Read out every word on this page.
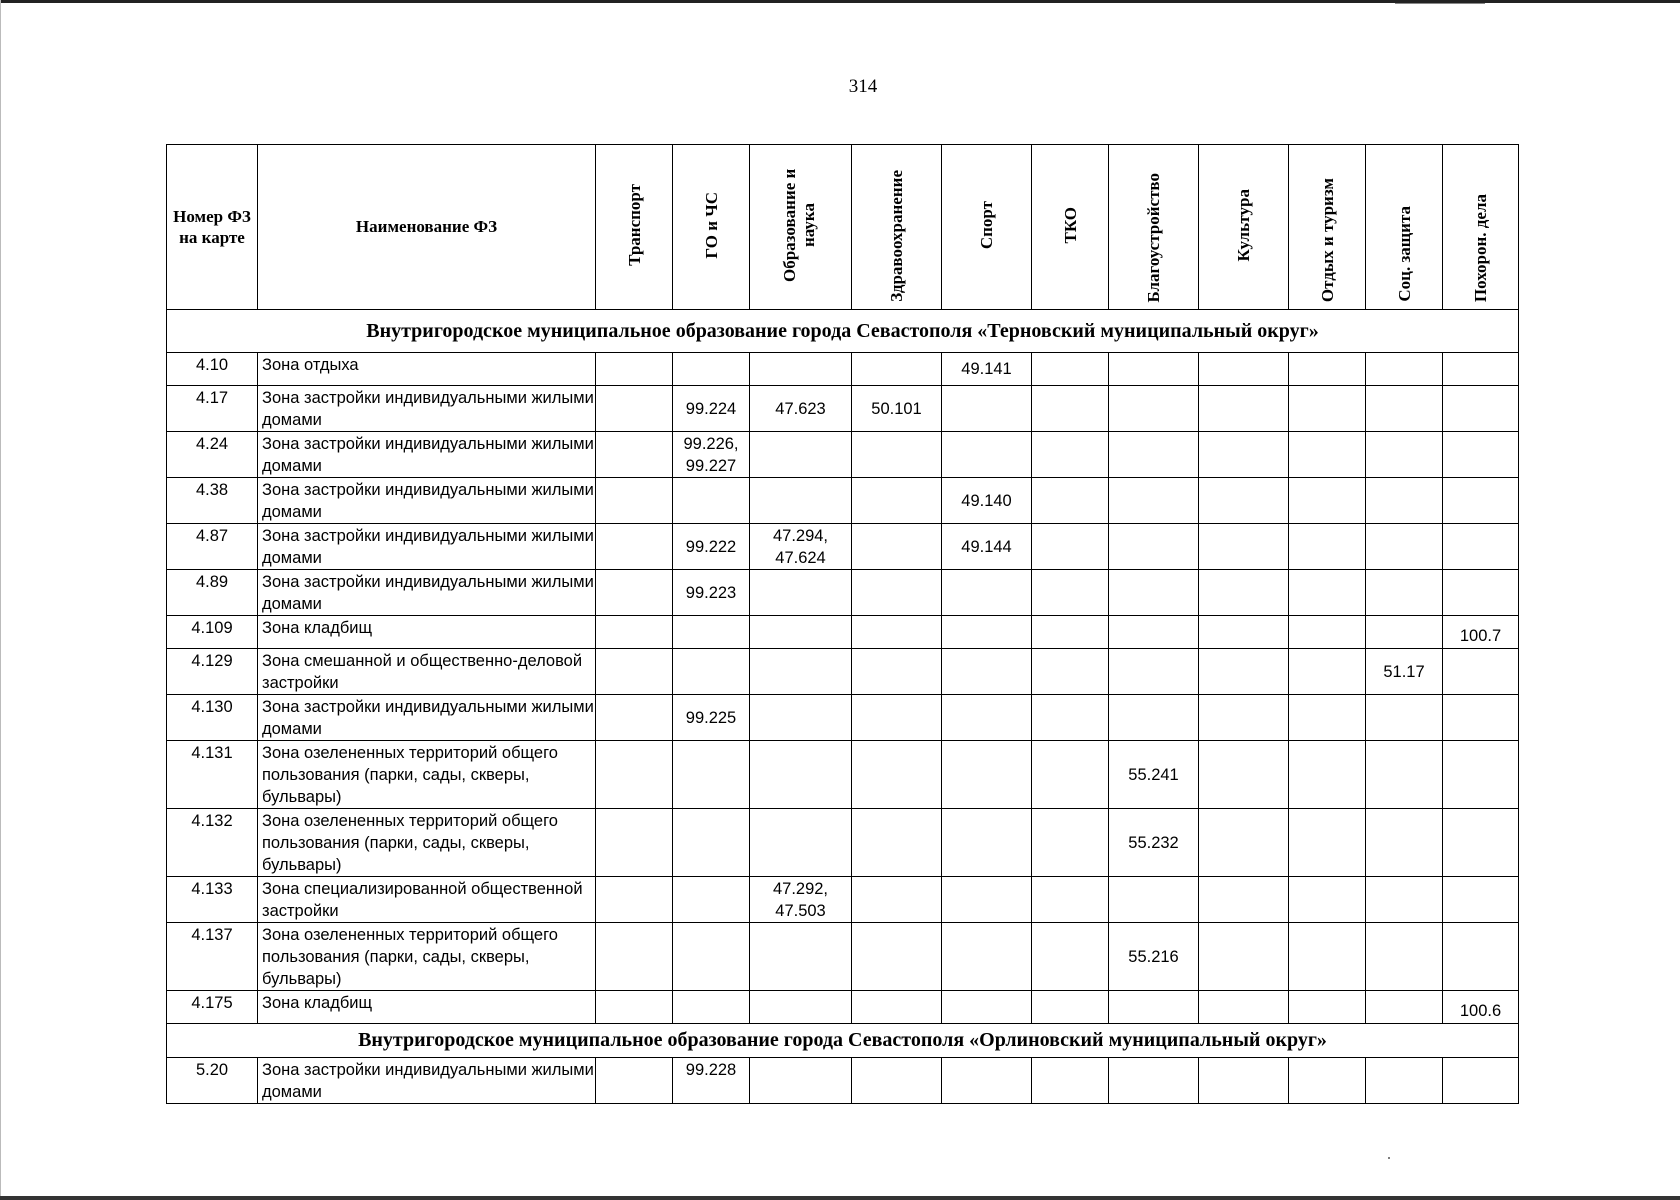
314
Номер ФЗ на карте	Наименование ФЗ	Транспорт	ГО и ЧС	Образование и наука	Здравоохранение	Спорт	ТКО	Благоустройство	Культура	Отдых и туризм	Соц. защита	Похорон. дела

Внутригородское муниципальное образование города Севастополя «Терновский муниципальный округ»												
4.10	Зона отдыха					49.141						
4.17	Зона застройки индивидуальными жилыми домами		99.224	47.623	50.101							
4.24	Зона застройки индивидуальными жилыми домами		99.226, 99.227									
4.38	Зона застройки индивидуальными жилыми домами					49.140						
4.87	Зона застройки индивидуальными жилыми домами		99.222	47.294, 47.624		49.144						
4.89	Зона застройки индивидуальными жилыми домами		99.223									
4.109	Зона кладбищ											100.7
4.129	Зона смешанной и общественно-деловой застройки										51.17	
4.130	Зона застройки индивидуальными жилыми домами		99.225									
4.131	Зона озелененных территорий общего пользования (парки, сады, скверы, бульвары)							55.241				
4.132	Зона озелененных территорий общего пользования (парки, сады, скверы, бульвары)							55.232				
4.133	Зона специализированной общественной застройки			47.292, 47.503								
4.137	Зона озелененных территорий общего пользования (парки, сады, скверы, бульвары)							55.216				
4.175	Зона кладбищ											100.6
Внутригородское муниципальное образование города Севастополя «Орлиновский муниципальный округ»												
5.20	Зона застройки индивидуальными жилыми домами		99.228									
